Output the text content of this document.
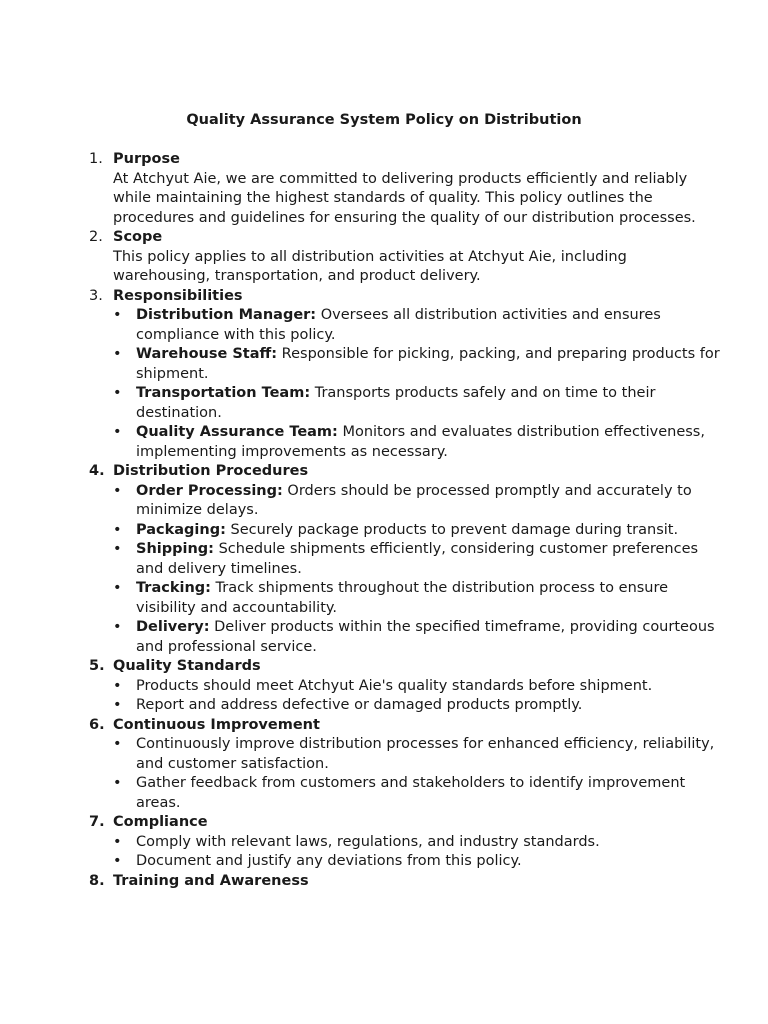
Quality Assurance System Policy on Distribution
1. Purpose
At Atchyut Aie, we are committed to delivering products efficiently and reliably while maintaining the highest standards of quality. This policy outlines the procedures and guidelines for ensuring the quality of our distribution processes.
2. Scope
This policy applies to all distribution activities at Atchyut Aie, including warehousing, transportation, and product delivery.
3. Responsibilities
• Distribution Manager: Oversees all distribution activities and ensures compliance with this policy.
• Warehouse Staff: Responsible for picking, packing, and preparing products for shipment.
• Transportation Team: Transports products safely and on time to their destination.
• Quality Assurance Team: Monitors and evaluates distribution effectiveness, implementing improvements as necessary.
4. Distribution Procedures
• Order Processing: Orders should be processed promptly and accurately to minimize delays.
• Packaging: Securely package products to prevent damage during transit.
• Shipping: Schedule shipments efficiently, considering customer preferences and delivery timelines.
• Tracking: Track shipments throughout the distribution process to ensure visibility and accountability.
• Delivery: Deliver products within the specified timeframe, providing courteous and professional service.
5. Quality Standards
• Products should meet Atchyut Aie's quality standards before shipment.
• Report and address defective or damaged products promptly.
6. Continuous Improvement
• Continuously improve distribution processes for enhanced efficiency, reliability, and customer satisfaction.
• Gather feedback from customers and stakeholders to identify improvement areas.
7. Compliance
• Comply with relevant laws, regulations, and industry standards.
• Document and justify any deviations from this policy.
8. Training and Awareness
